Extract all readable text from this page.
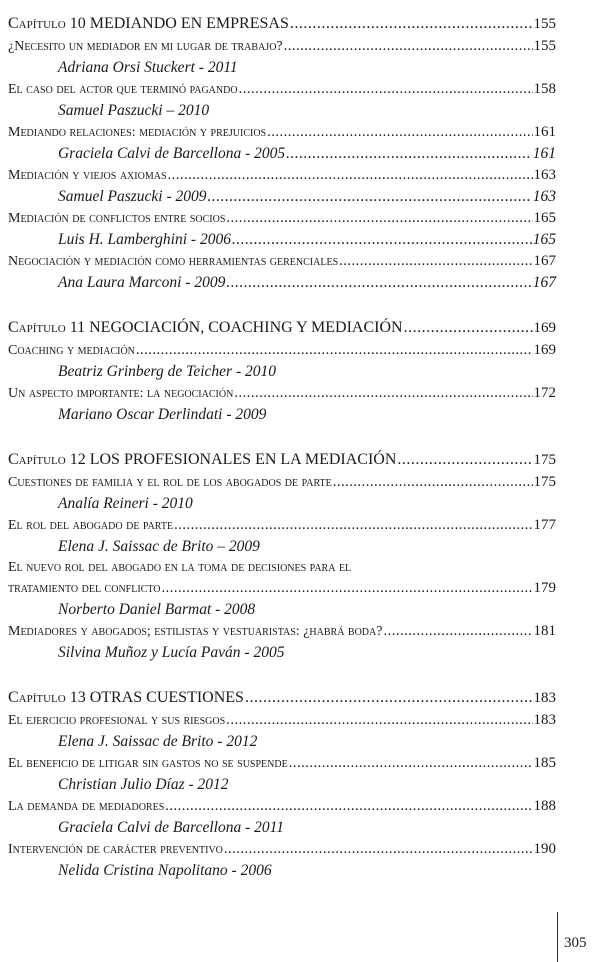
Capítulo 10 MEDIANDO EN EMPRESAS .....	155
¿Necesito un mediador en mi lugar de trabajo? .....	155
Adriana Orsi Stuckert - 2011
El caso del actor que terminó pagando .....	158
Samuel Paszucki – 2010
Mediando relaciones: mediación y prejuicios .....	161
Graciela Calvi de Barcellona - 2005 .....	161
Mediación y viejos axiomas .....	163
Samuel Paszucki - 2009 .....	163
Mediación de conflictos entre socios .....	165
Luis H. Lamberghini - 2006 .....	165
Negociación y mediación como herramientas gerenciales .....	167
Ana Laura Marconi - 2009 .....	167
Capítulo 11 NEGOCIACIÓN, COACHING Y MEDIACIÓN .....	169
Coaching y mediación .....	169
Beatriz Grinberg de Teicher - 2010
Un aspecto importante: la negociación .....	172
Mariano Oscar Derlindati - 2009
Capítulo 12 LOS PROFESIONALES EN LA MEDIACIÓN .....	175
Cuestiones de familia y el rol de los abogados de parte .....	175
Analía Reineri - 2010
El rol del abogado de parte .....	177
Elena J. Saissac de Brito – 2009
El nuevo rol del abogado en la toma de decisiones para el
tratamiento del conflicto .....	179
Norberto Daniel Barmat - 2008
Mediadores y abogados; estilistas y vestuaristas: ¿habrá boda? .....	181
Silvina Muñoz y Lucía Paván - 2005
Capítulo 13 OTRAS CUESTIONES .....	183
El ejercicio profesional y sus riesgos .....	183
Elena J. Saissac de Brito - 2012
El beneficio de litigar sin gastos no se suspende .....	185
Christian Julio Díaz - 2012
La demanda de mediadores .....	188
Graciela Calvi de Barcellona - 2011
Intervención de carácter preventivo .....	190
Nelida Cristina Napolitano - 2006
305
